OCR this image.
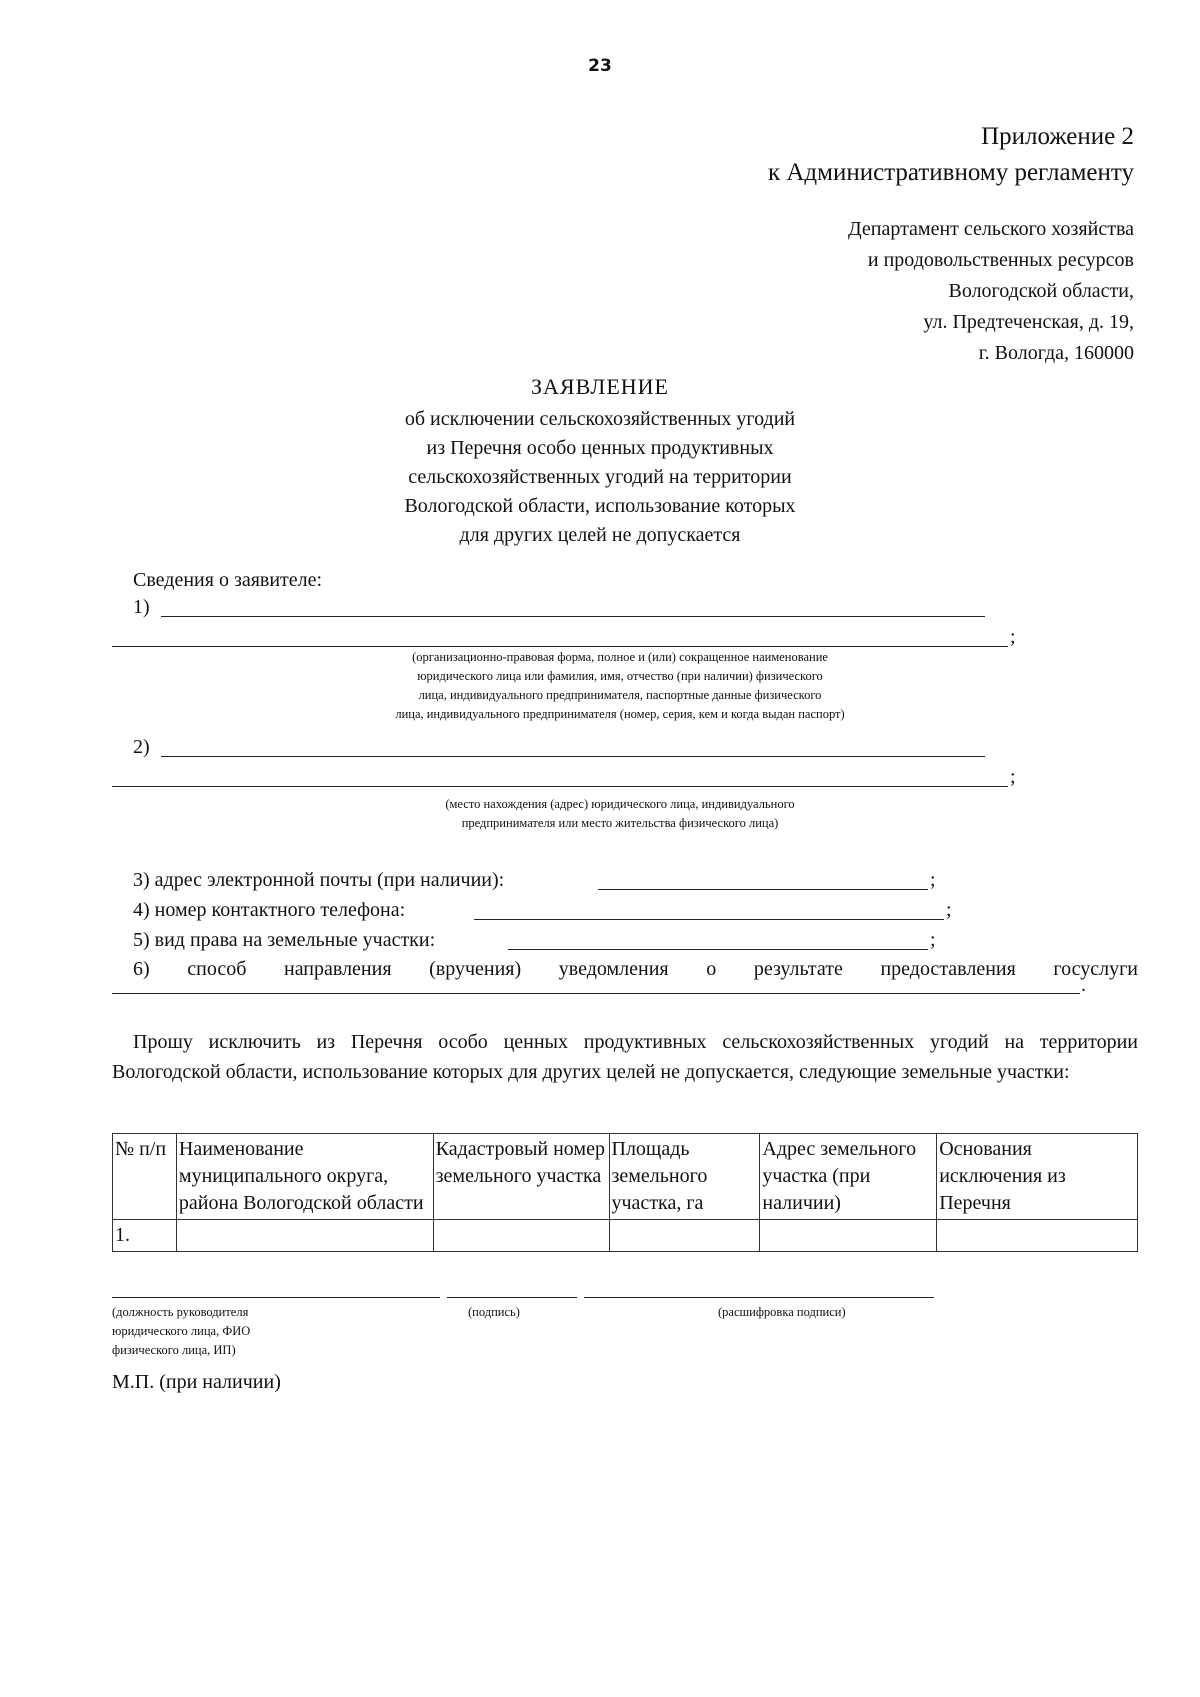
23
Приложение 2
к Административному регламенту
Департамент сельского хозяйства
и продовольственных ресурсов
Вологодской области,
ул. Предтеченская, д. 19,
г. Вологда, 160000
ЗАЯВЛЕНИЕ
об исключении сельскохозяйственных угодий
из Перечня особо ценных продуктивных
сельскохозяйственных угодий на территории
Вологодской области, использование которых
для других целей не допускается
Сведения о заявителе:
1)
;
(организационно-правовая форма, полное и (или) сокращенное наименование
юридического лица или фамилия, имя, отчество (при наличии) физического
лица, индивидуального предпринимателя, паспортные данные физического
лица, индивидуального предпринимателя (номер, серия, кем и когда выдан паспорт)
2)
;
(место нахождения (адрес) юридического лица, индивидуального
предпринимателя или место жительства физического лица)
3) адрес электронной почты (при наличии):	;
4) номер контактного телефона:	;
5) вид права на земельные участки:	;
6) способ направления (вручения) уведомления о результате предоставления госуслуги
.
Прошу исключить из Перечня особо ценных продуктивных сельскохозяйственных угодий на территории Вологодской области, использование которых для других целей не допускается, следующие земельные участки:
№ п/п	Наименование муниципального округа, района Вологодской области	Кадастровый номер земельного участка	Площадь земельного участка, га	Адрес земельного участка (при наличии)	Основания исключения из Перечня
1.					
(должность руководителя
юридического лица, ФИО
физического лица, ИП)
(подпись)	(расшифровка подписи)
М.П. (при наличии)
